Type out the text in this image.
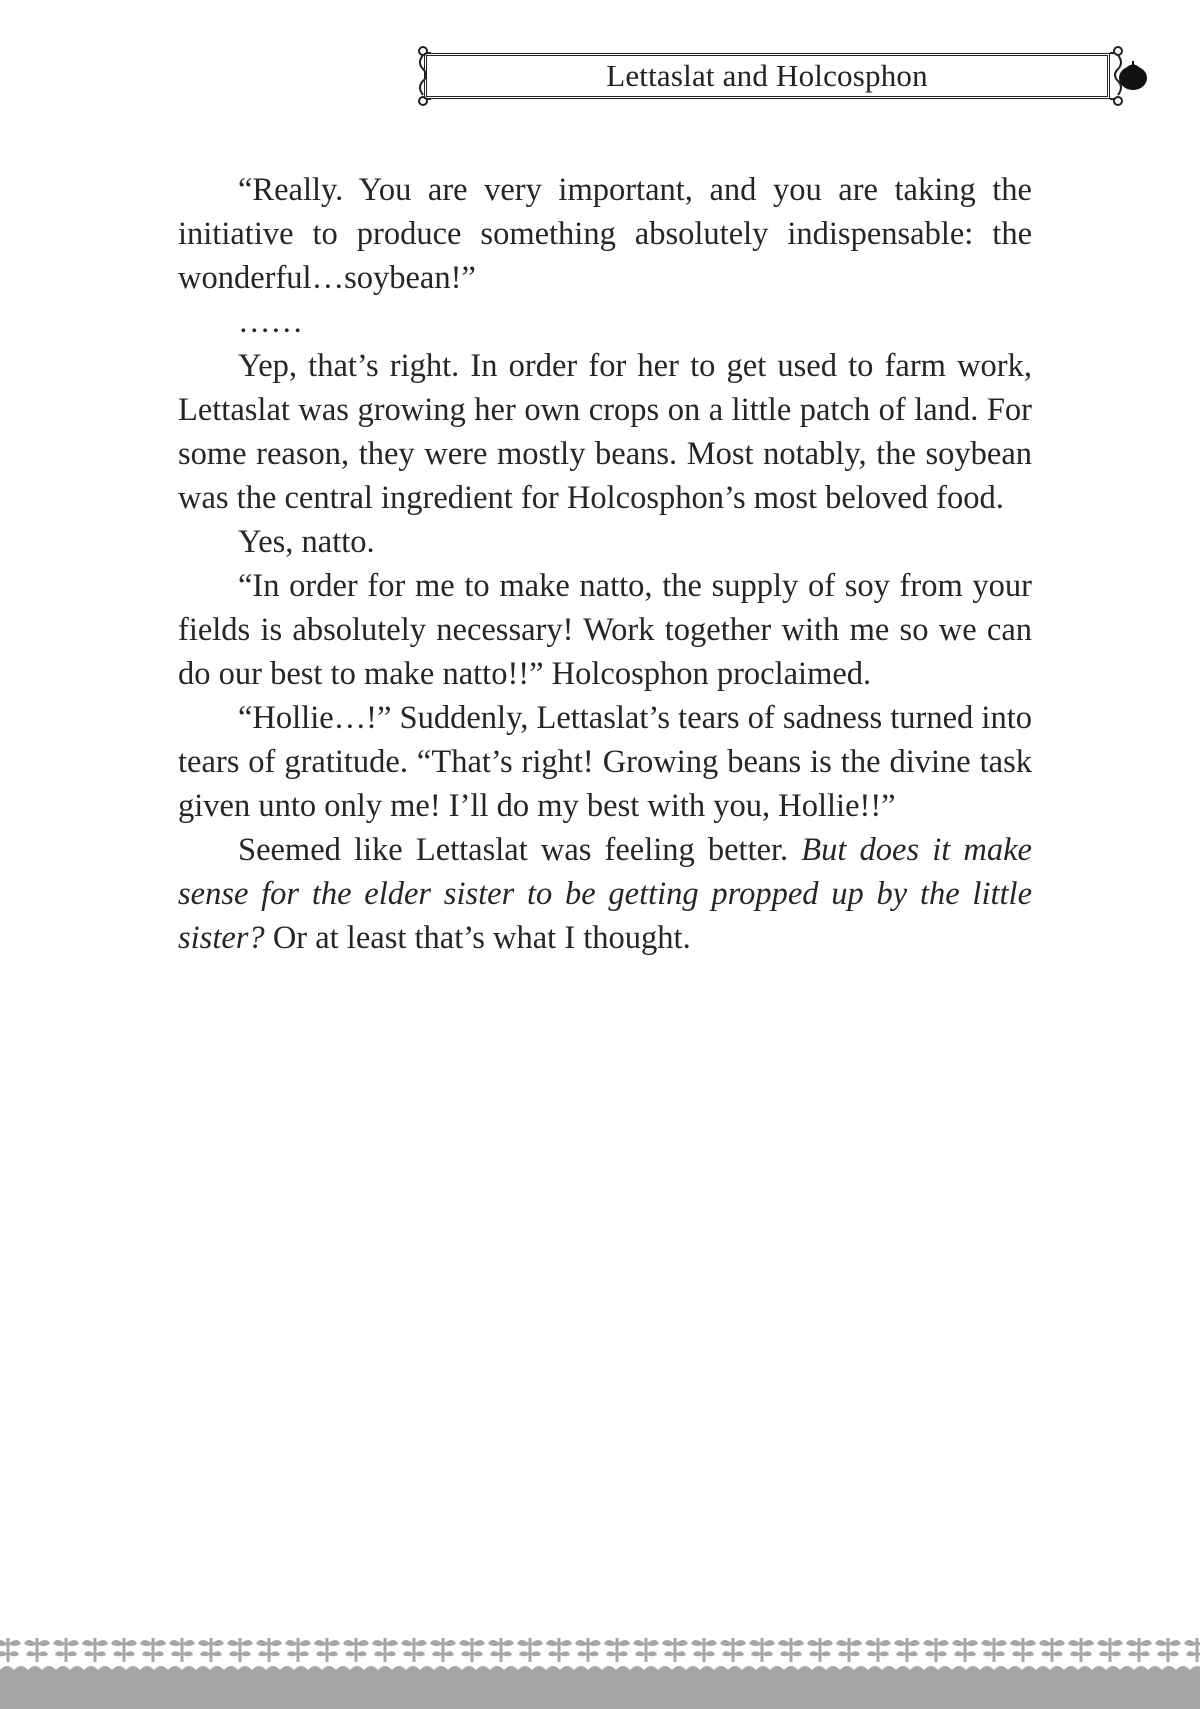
Lettaslat and Holcosphon

“Really. You are very important, and you are taking the initiative to produce something absolutely indispensable: the wonderful…soybean!”

……

Yep, that’s right. In order for her to get used to farm work, Lettaslat was growing her own crops on a little patch of land. For some reason, they were mostly beans. Most notably, the soybean was the central ingredient for Holcosphon’s most beloved food.

Yes, natto.

“In order for me to make natto, the supply of soy from your fields is absolutely necessary! Work together with me so we can do our best to make natto!!” Holcosphon proclaimed.

“Hollie…!” Suddenly, Lettaslat’s tears of sadness turned into tears of gratitude. “That’s right! Growing beans is the divine task given unto only me! I’ll do my best with you, Hollie!!”

Seemed like Lettaslat was feeling better. But does it make sense for the elder sister to be getting propped up by the little sister? Or at least that’s what I thought.
